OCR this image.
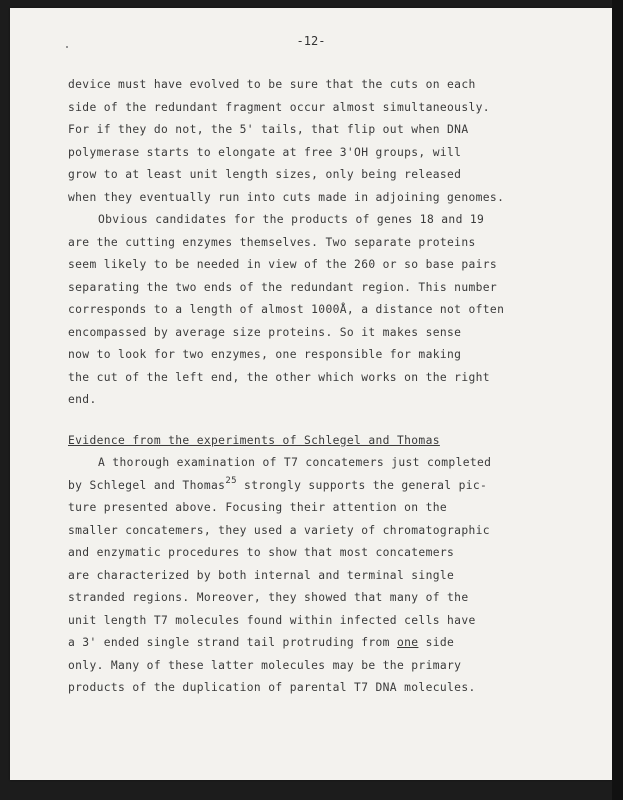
-12-
device must have evolved to be sure that the cuts on each
side of the redundant fragment occur almost simultaneously.
For if they do not, the 5' tails, that flip out when DNA
polymerase starts to elongate at free 3'OH groups, will
grow to at least unit length sizes, only being released
when they eventually run into cuts made in adjoining genomes.
Obvious candidates for the products of genes 18 and 19
are the cutting enzymes themselves. Two separate proteins
seem likely to be needed in view of the 260 or so base pairs
separating the two ends of the redundant region. This number
corresponds to a length of almost 1000Å, a distance not often
encompassed by average size proteins. So it makes sense
now to look for two enzymes, one responsible for making
the cut of the left end, the other which works on the right
end.
Evidence from the experiments of Schlegel and Thomas
A thorough examination of T7 concatemers just completed
by Schlegel and Thomas$^{25}$ strongly supports the general pic-
ture presented above. Focusing their attention on the
smaller concatemers, they used a variety of chromatographic
and enzymatic procedures to show that most concatemers
are characterized by both internal and terminal single
stranded regions. Moreover, they showed that many of the
unit length T7 molecules found within infected cells have
a 3' ended single strand tail protruding from one side
only. Many of these latter molecules may be the primary
products of the duplication of parental T7 DNA molecules.
